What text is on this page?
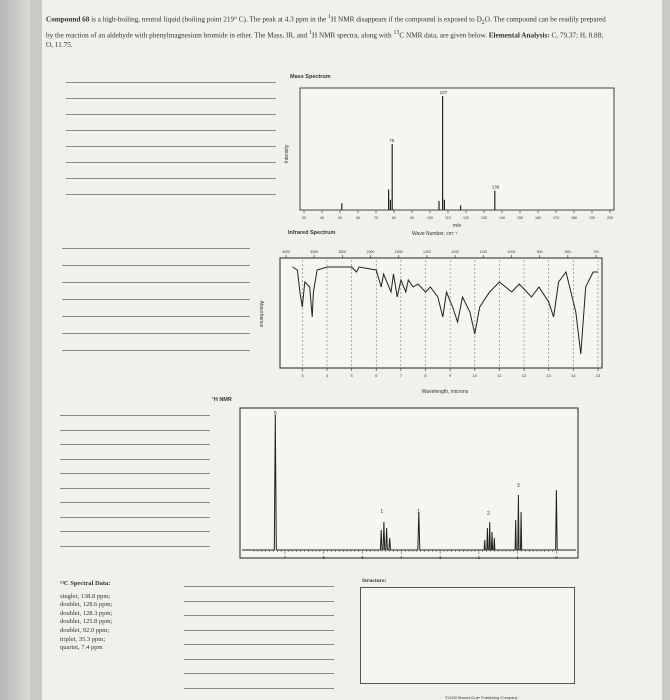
Compound 68 is a high-boiling, neutral liquid (boiling point 219° C). The peak at 4.3 ppm in the $^1$H NMR disappears if the compound is exposed to $D_2O$. The compound can be readily prepared by the reaction of an aldehyde with phenylmagnesium bromide in ether. The Mass, IR, and $^1$H NMR spectra, along with $^{13}$C NMR data, are given below. Elemental Analysis: C, 79.37; H, 8.88; O, 11.75.
Mass Spectrum
Intensity
m/e
30	40	50	60	70	80	90	100	110	120	130	140	150	160	170	180	190	200
107
79
136
Infrared Spectrum	Wave Number, cm⁻¹
Absorbance
Wavelength, microns
4000	3000	2500	2000	1500	1300	1200	1100	1000	900	800	700
3	4	5	6	7	8	9	10	11	12	13	14	15
¹H NMR
7	6	5	4	3	2	1	0
5
1	1	2
3
¹³C Spectral Data:
singlet, 138.8 ppm;
doublet, 128.6 ppm;
doublet, 128.3 ppm;
doublet, 125.8 ppm;
doublet, 92.0 ppm;
triplet, 35.3 ppm;
quartet, 7.4 ppm
Structure:
©2000 Brooks/Cole Publishing Company
